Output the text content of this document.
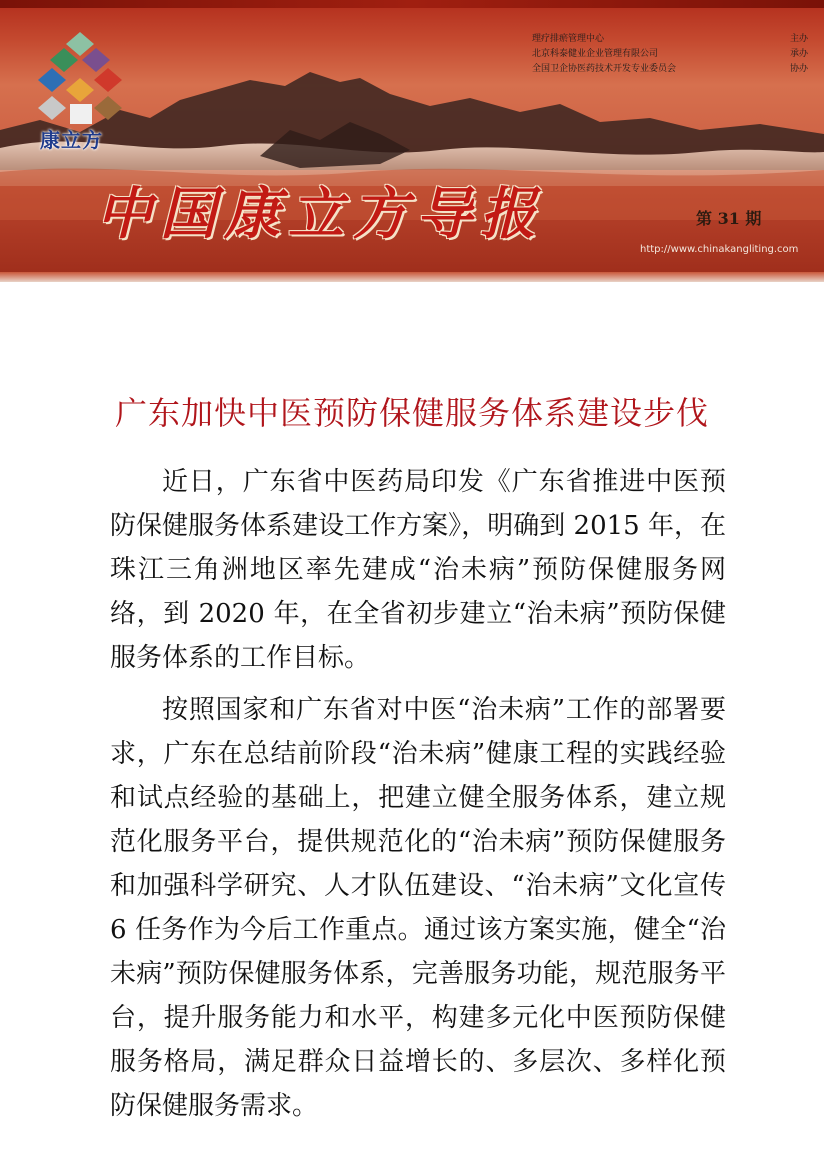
康立方
理疗排瘀管理中心	主办
北京科泰健业企业管理有限公司	承办
全国卫企协医药技术开发专业委员会	协办
中国康立方导报	第 31 期
http://www.chinakangliting.com
广东加快中医预防保健服务体系建设步伐

近日，广东省中医药局印发《广东省推进中医预防保健服务体系建设工作方案》，明确到 2015 年，在珠江三角洲地区率先建成“治未病”预防保健服务网络，到 2020 年，在全省初步建立“治未病”预防保健服务体系的工作目标。

按照国家和广东省对中医“治未病”工作的部署要求，广东在总结前阶段“治未病”健康工程的实践经验和试点经验的基础上，把建立健全服务体系，建立规范化服务平台，提供规范化的“治未病”预防保健服务和加强科学研究、人才队伍建设、“治未病”文化宣传 6 任务作为今后工作重点。通过该方案实施，健全“治未病”预防保健服务体系，完善服务功能，规范服务平台，提升服务能力和水平，构建多元化中医预防保健服务格局，满足群众日益增长的、多层次、多样化预防保健服务需求。
